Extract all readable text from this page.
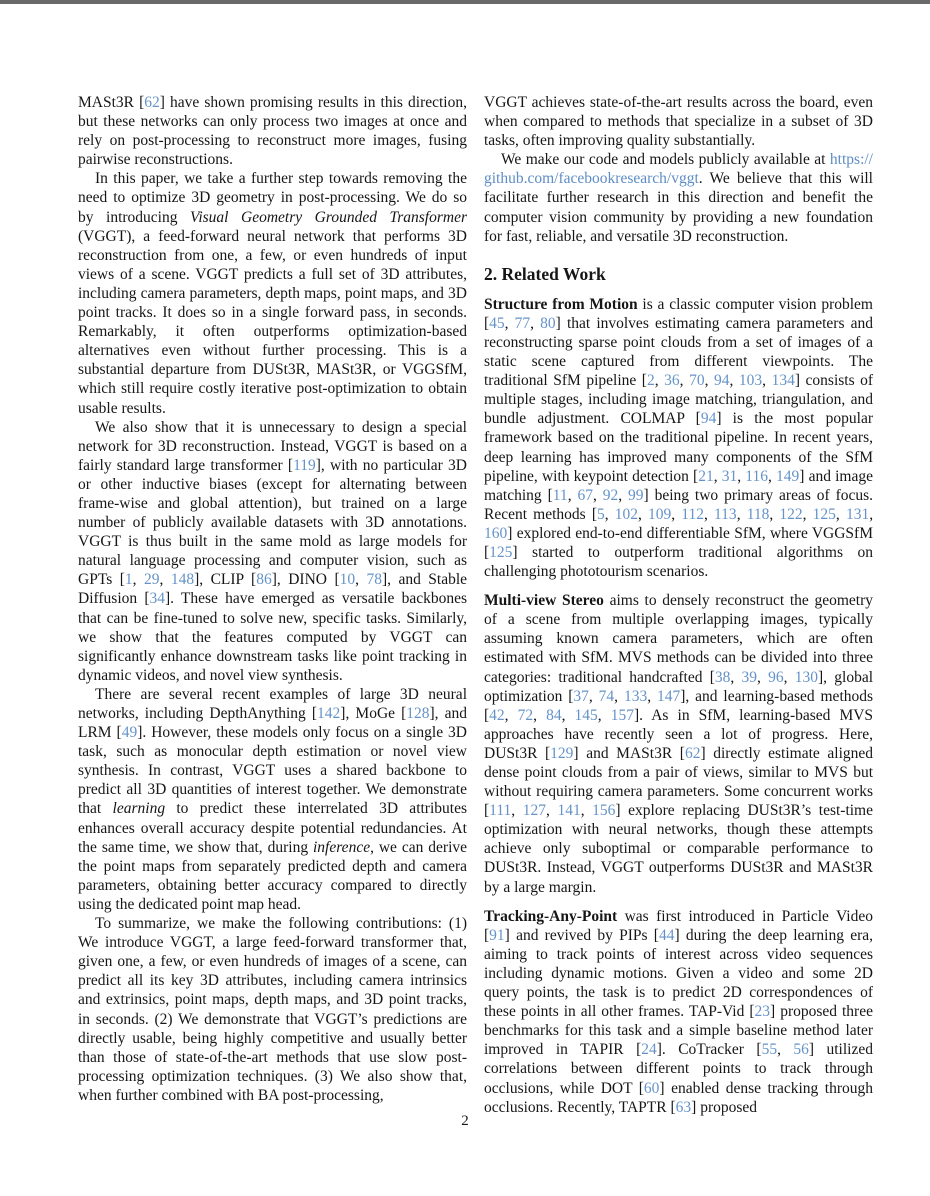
MASt3R [62] have shown promising results in this direction, but these networks can only process two images at once and rely on post-processing to reconstruct more images, fusing pairwise reconstructions.

In this paper, we take a further step towards removing the need to optimize 3D geometry in post-processing. We do so by introducing Visual Geometry Grounded Transformer (VGGT), a feed-forward neural network that performs 3D reconstruction from one, a few, or even hundreds of input views of a scene. VGGT predicts a full set of 3D attributes, including camera parameters, depth maps, point maps, and 3D point tracks. It does so in a single forward pass, in seconds. Remarkably, it often outperforms optimization-based alternatives even without further processing. This is a substantial departure from DUSt3R, MASt3R, or VGGSfM, which still require costly iterative post-optimization to obtain usable results.

We also show that it is unnecessary to design a special network for 3D reconstruction. Instead, VGGT is based on a fairly standard large transformer [119], with no particular 3D or other inductive biases (except for alternating between frame-wise and global attention), but trained on a large number of publicly available datasets with 3D annotations. VGGT is thus built in the same mold as large models for natural language processing and computer vision, such as GPTs [1, 29, 148], CLIP [86], DINO [10, 78], and Stable Diffusion [34]. These have emerged as versatile backbones that can be fine-tuned to solve new, specific tasks. Similarly, we show that the features computed by VGGT can significantly enhance downstream tasks like point tracking in dynamic videos, and novel view synthesis.

There are several recent examples of large 3D neural networks, including DepthAnything [142], MoGe [128], and LRM [49]. However, these models only focus on a single 3D task, such as monocular depth estimation or novel view synthesis. In contrast, VGGT uses a shared backbone to predict all 3D quantities of interest together. We demonstrate that learning to predict these interrelated 3D attributes enhances overall accuracy despite potential redundancies. At the same time, we show that, during inference, we can derive the point maps from separately predicted depth and camera parameters, obtaining better accuracy compared to directly using the dedicated point map head.

To summarize, we make the following contributions: (1) We introduce VGGT, a large feed-forward transformer that, given one, a few, or even hundreds of images of a scene, can predict all its key 3D attributes, including camera intrinsics and extrinsics, point maps, depth maps, and 3D point tracks, in seconds. (2) We demonstrate that VGGT’s predictions are directly usable, being highly competitive and usually better than those of state-of-the-art methods that use slow post-processing optimization techniques. (3) We also show that, when further combined with BA post-processing,

VGGT achieves state-of-the-art results across the board, even when compared to methods that specialize in a subset of 3D tasks, often improving quality substantially.

We make our code and models publicly available at https://github.com/facebookresearch/vggt. We believe that this will facilitate further research in this direction and benefit the computer vision community by providing a new foundation for fast, reliable, and versatile 3D reconstruction.

2. Related Work

Structure from Motion is a classic computer vision problem [45, 77, 80] that involves estimating camera parameters and reconstructing sparse point clouds from a set of images of a static scene captured from different viewpoints. The traditional SfM pipeline [2, 36, 70, 94, 103, 134] consists of multiple stages, including image matching, triangulation, and bundle adjustment. COLMAP [94] is the most popular framework based on the traditional pipeline. In recent years, deep learning has improved many components of the SfM pipeline, with keypoint detection [21, 31, 116, 149] and image matching [11, 67, 92, 99] being two primary areas of focus. Recent methods [5, 102, 109, 112, 113, 118, 122, 125, 131, 160] explored end-to-end differentiable SfM, where VGGSfM [125] started to outperform traditional algorithms on challenging phototourism scenarios.

Multi-view Stereo aims to densely reconstruct the geometry of a scene from multiple overlapping images, typically assuming known camera parameters, which are often estimated with SfM. MVS methods can be divided into three categories: traditional handcrafted [38, 39, 96, 130], global optimization [37, 74, 133, 147], and learning-based methods [42, 72, 84, 145, 157]. As in SfM, learning-based MVS approaches have recently seen a lot of progress. Here, DUSt3R [129] and MASt3R [62] directly estimate aligned dense point clouds from a pair of views, similar to MVS but without requiring camera parameters. Some concurrent works [111, 127, 141, 156] explore replacing DUSt3R’s test-time optimization with neural networks, though these attempts achieve only suboptimal or comparable performance to DUSt3R. Instead, VGGT outperforms DUSt3R and MASt3R by a large margin.

Tracking-Any-Point was first introduced in Particle Video [91] and revived by PIPs [44] during the deep learning era, aiming to track points of interest across video sequences including dynamic motions. Given a video and some 2D query points, the task is to predict 2D correspondences of these points in all other frames. TAP-Vid [23] proposed three benchmarks for this task and a simple baseline method later improved in TAPIR [24]. CoTracker [55, 56] utilized correlations between different points to track through occlusions, while DOT [60] enabled dense tracking through occlusions. Recently, TAPTR [63] proposed

2
